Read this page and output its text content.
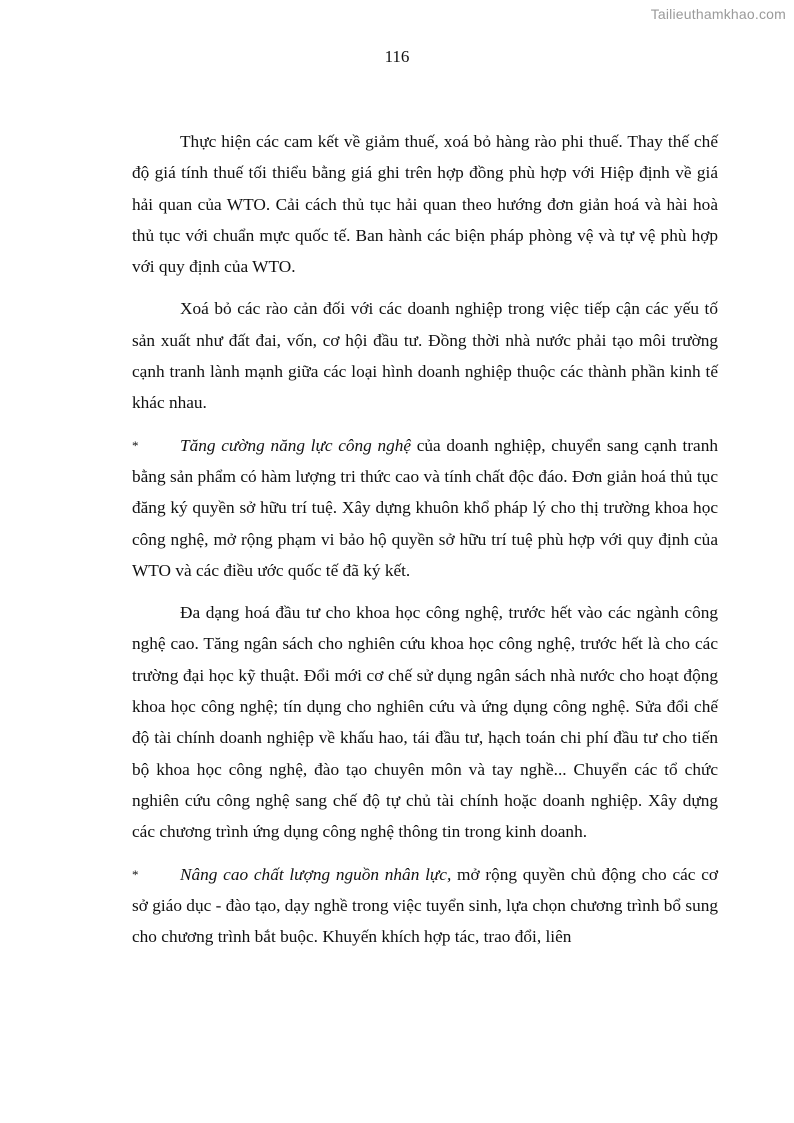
Tailieuthamkhao.com
116

Thực hiện các cam kết về giảm thuế, xoá bỏ hàng rào phi thuế. Thay thế chế độ giá tính thuế tối thiểu bằng giá ghi trên hợp đồng phù hợp với Hiệp định về giá hải quan của WTO. Cải cách thủ tục hải quan theo hướng đơn giản hoá và hài hoà thủ tục với chuẩn mực quốc tế. Ban hành các biện pháp phòng vệ và tự vệ phù hợp với quy định của WTO.

Xoá bỏ các rào cản đối với các doanh nghiệp trong việc tiếp cận các yếu tố sản xuất như đất đai, vốn, cơ hội đầu tư. Đồng thời nhà nước phải tạo môi trường cạnh tranh lành mạnh giữa các loại hình doanh nghiệp thuộc các thành phần kinh tế khác nhau.

* Tăng cường năng lực công nghệ của doanh nghiệp, chuyển sang cạnh tranh bằng sản phẩm có hàm lượng tri thức cao và tính chất độc đáo. Đơn giản hoá thủ tục đăng ký quyền sở hữu trí tuệ. Xây dựng khuôn khổ pháp lý cho thị trường khoa học công nghệ, mở rộng phạm vi bảo hộ quyền sở hữu trí tuệ phù hợp với quy định của WTO và các điều ước quốc tế đã ký kết.

Đa dạng hoá đầu tư cho khoa học công nghệ, trước hết vào các ngành công nghệ cao. Tăng ngân sách cho nghiên cứu khoa học công nghệ, trước hết là cho các trường đại học kỹ thuật. Đổi mới cơ chế sử dụng ngân sách nhà nước cho hoạt động khoa học công nghệ; tín dụng cho nghiên cứu và ứng dụng công nghệ. Sửa đổi chế độ tài chính doanh nghiệp về khấu hao, tái đầu tư, hạch toán chi phí đầu tư cho tiến bộ khoa học công nghệ, đào tạo chuyên môn và tay nghề... Chuyển các tổ chức nghiên cứu công nghệ sang chế độ tự chủ tài chính hoặc doanh nghiệp. Xây dựng các chương trình ứng dụng công nghệ thông tin trong kinh doanh.

* Nâng cao chất lượng nguồn nhân lực, mở rộng quyền chủ động cho các cơ sở giáo dục - đào tạo, dạy nghề trong việc tuyển sinh, lựa chọn chương trình bổ sung cho chương trình bắt buộc. Khuyến khích hợp tác, trao đổi, liên
